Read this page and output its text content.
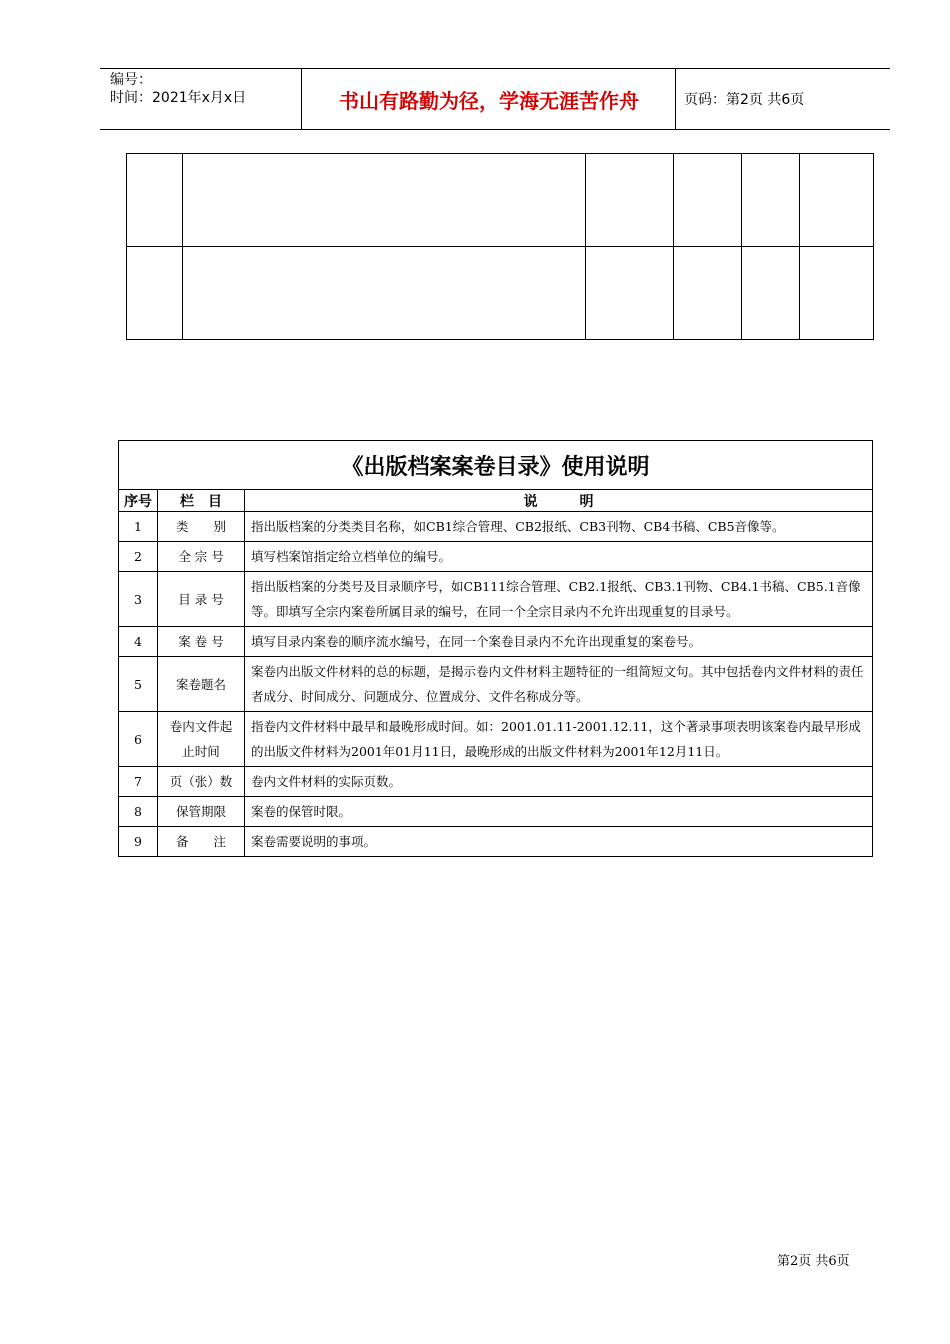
编号：
时间：2021年x月x日	书山有路勤为径，学海无涯苦作舟	页码：第2页 共6页

《出版档案案卷目录》使用说明		
序号	栏　目	说　　　明
1	类　　别	指出版档案的分类类目名称，如CB1综合管理、CB2报纸、CB3刊物、CB4书稿、CB5音像等。
2	全 宗 号	填写档案馆指定给立档单位的编号。
3	目 录 号	指出版档案的分类号及目录顺序号，如CB111综合管理、CB2.1报纸、CB3.1刊物、CB4.1书稿、CB5.1音像等。即填写全宗内案卷所属目录的编号，在同一个全宗目录内不允许出现重复的目录号。
4	案 卷 号	填写目录内案卷的顺序流水编号，在同一个案卷目录内不允许出现重复的案卷号。
5	案卷题名	案卷内出版文件材料的总的标题，是揭示卷内文件材料主题特征的一组简短文句。其中包括卷内文件材料的责任者成分、时间成分、问题成分、位置成分、文件名称成分等。
6	卷内文件起止时间	指卷内文件材料中最早和最晚形成时间。如：2001.01.11-2001.12.11，这个著录事项表明该案卷内最早形成的出版文件材料为2001年01月11日，最晚形成的出版文件材料为2001年12月11日。
7	页（张）数	卷内文件材料的实际页数。
8	保管期限	案卷的保管时限。
9	备　　注	案卷需要说明的事项。
第2页 共6页
